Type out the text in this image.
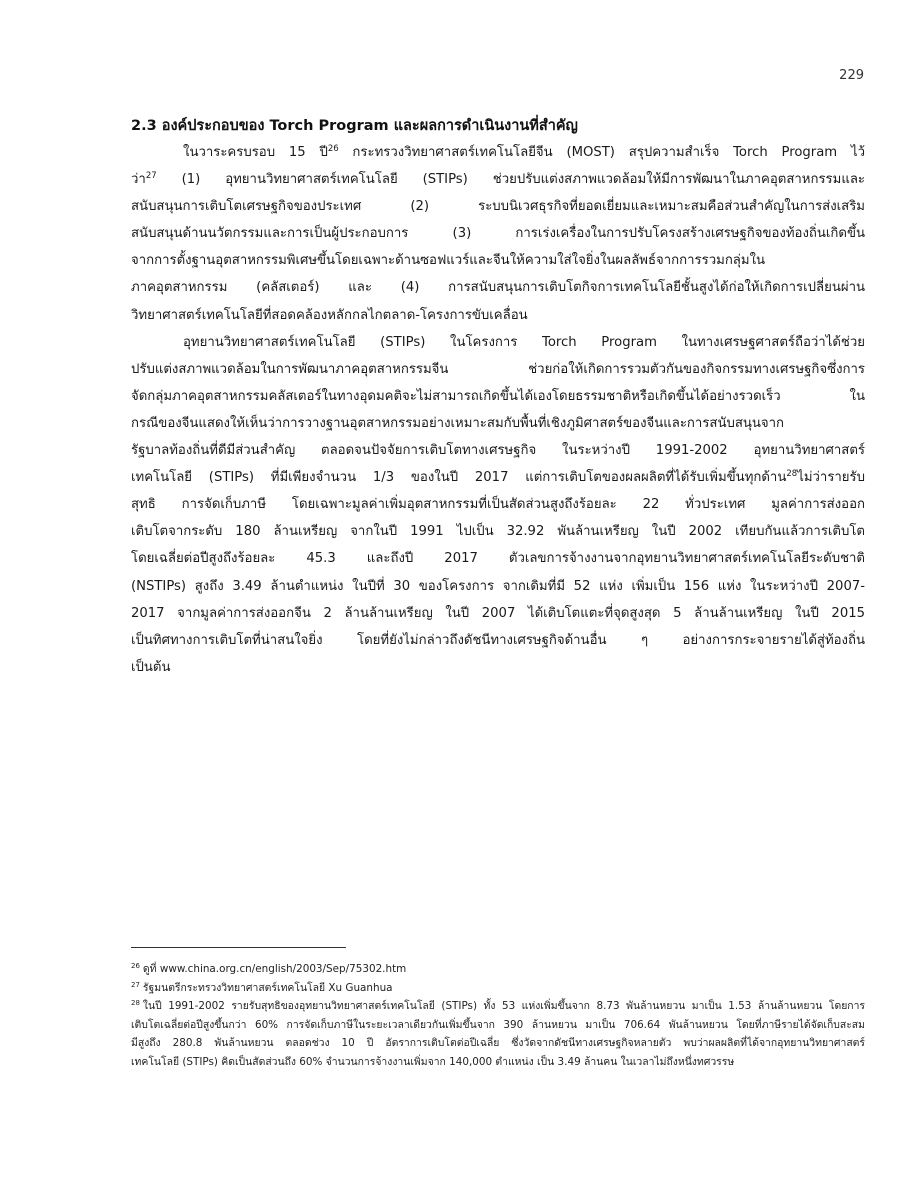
229
2.3 องค์ประกอบของ Torch Program และผลการดำเนินงานที่สำคัญ
ในวาระครบรอบ 15 ปี$^{26}$ กระทรวงวิทยาศาสตร์เทคโนโลยีจีน (MOST) สรุปความสำเร็จ Torch Program ไว้
ว่า$^{27}$ (1) อุทยานวิทยาศาสตร์เทคโนโลยี (STIPs) ช่วยปรับแต่งสภาพแวดล้อมให้มีการพัฒนาในภาคอุตสาหกรรมและ
สนับสนุนการเติบโตเศรษฐกิจของประเทศ (2) ระบบนิเวศธุรกิจที่ยอดเยี่ยมและเหมาะสมคือส่วนสำคัญในการส่งเสริม
สนับสนุนด้านนวัตกรรมและการเป็นผู้ประกอบการ (3) การเร่งเครื่องในการปรับโครงสร้างเศรษฐกิจของท้องถิ่นเกิดขึ้น
จากการตั้งฐานอุตสาหกรรมพิเศษขึ้นโดยเฉพาะด้านซอฟแวร์และจีนให้ความใส่ใจยิ่งในผลลัพธ์จากการรวมกลุ่มใน
ภาคอุตสาหกรรม (คลัสเตอร์) และ (4) การสนับสนุนการเติบโตกิจการเทคโนโลยีชั้นสูงได้ก่อให้เกิดการเปลี่ยนผ่าน
วิทยาศาสตร์เทคโนโลยีที่สอดคล้องหลักกลไกตลาด-โครงการขับเคลื่อน
อุทยานวิทยาศาสตร์เทคโนโลยี (STIPs) ในโครงการ Torch Program ในทางเศรษฐศาสตร์ถือว่าได้ช่วย
ปรับแต่งสภาพแวดล้อมในการพัฒนาภาคอุตสาหกรรมจีน ช่วยก่อให้เกิดการรวมตัวกันของกิจกรรมทางเศรษฐกิจซึ่งการ
จัดกลุ่มภาคอุตสาหกรรมคลัสเตอร์ในทางอุดมคติจะไม่สามารถเกิดขึ้นได้เองโดยธรรมชาติหรือเกิดขึ้นได้อย่างรวดเร็ว ใน
กรณีของจีนแสดงให้เห็นว่าการวางฐานอุตสาหกรรมอย่างเหมาะสมกับพื้นที่เชิงภูมิศาสตร์ของจีนและการสนับสนุนจาก
รัฐบาลท้องถิ่นที่ดีมีส่วนสำคัญ ตลอดจนปัจจัยการเติบโตทางเศรษฐกิจ ในระหว่างปี 1991-2002 อุทยานวิทยาศาสตร์
เทคโนโลยี (STIPs) ที่มีเพียงจำนวน 1/3 ของในปี 2017 แต่การเติบโตของผลผลิตที่ได้รับเพิ่มขึ้นทุกด้าน$^{28}$ไม่ว่ารายรับ
สุทธิ การจัดเก็บภาษี โดยเฉพาะมูลค่าเพิ่มอุตสาหกรรมที่เป็นสัดส่วนสูงถึงร้อยละ 22 ทั่วประเทศ มูลค่าการส่งออก
เติบโตจากระดับ 180 ล้านเหรียญ จากในปี 1991 ไปเป็น 32.92 พันล้านเหรียญ ในปี 2002 เทียบกันแล้วการเติบโต
โดยเฉลี่ยต่อปีสูงถึงร้อยละ 45.3 และถึงปี 2017 ตัวเลขการจ้างงานจากอุทยานวิทยาศาสตร์เทคโนโลยีระดับชาติ
(NSTIPs) สูงถึง 3.49 ล้านตำแหน่ง ในปีที่ 30 ของโครงการ จากเดิมที่มี 52 แห่ง เพิ่มเป็น 156 แห่ง ในระหว่างปี 2007-
2017 จากมูลค่าการส่งออกจีน 2 ล้านล้านเหรียญ ในปี 2007 ได้เติบโตแตะที่จุดสูงสุด 5 ล้านล้านเหรียญ ในปี 2015
เป็นทิศทางการเติบโตที่น่าสนใจยิ่ง โดยที่ยังไม่กล่าวถึงดัชนีทางเศรษฐกิจด้านอื่น ๆ อย่างการกระจายรายได้สู่ท้องถิ่น
เป็นต้น
$^{26}$ ดูที่ www.china.org.cn/english/2003/Sep/75302.htm
$^{27}$ รัฐมนตรีกระทรวงวิทยาศาสตร์เทคโนโลยี Xu Guanhua
$^{28}$ ในปี 1991-2002 รายรับสุทธิของอุทยานวิทยาศาสตร์เทคโนโลยี (STIPs) ทั้ง 53 แห่งเพิ่มขึ้นจาก 8.73 พันล้านหยวน มาเป็น 1.53 ล้านล้านหยวน โดยการ
เติบโตเฉลี่ยต่อปีสูงขึ้นกว่า 60% การจัดเก็บภาษีในระยะเวลาเดียวกันเพิ่มขึ้นจาก 390 ล้านหยวน มาเป็น 706.64 พันล้านหยวน โดยที่ภาษีรายได้จัดเก็บสะสม
มีสูงถึง 280.8 พันล้านหยวน ตลอดช่วง 10 ปี อัตราการเติบโตต่อปีเฉลี่ย ซึ่งวัดจากดัชนีทางเศรษฐกิจหลายตัว พบว่าผลผลิตที่ได้จากอุทยานวิทยาศาสตร์
เทคโนโลยี (STIPs) คิดเป็นสัดส่วนถึง 60% จำนวนการจ้างงานเพิ่มจาก 140,000 ตำแหน่ง เป็น 3.49 ล้านคน ในเวลาไม่ถึงหนึ่งทศวรรษ
